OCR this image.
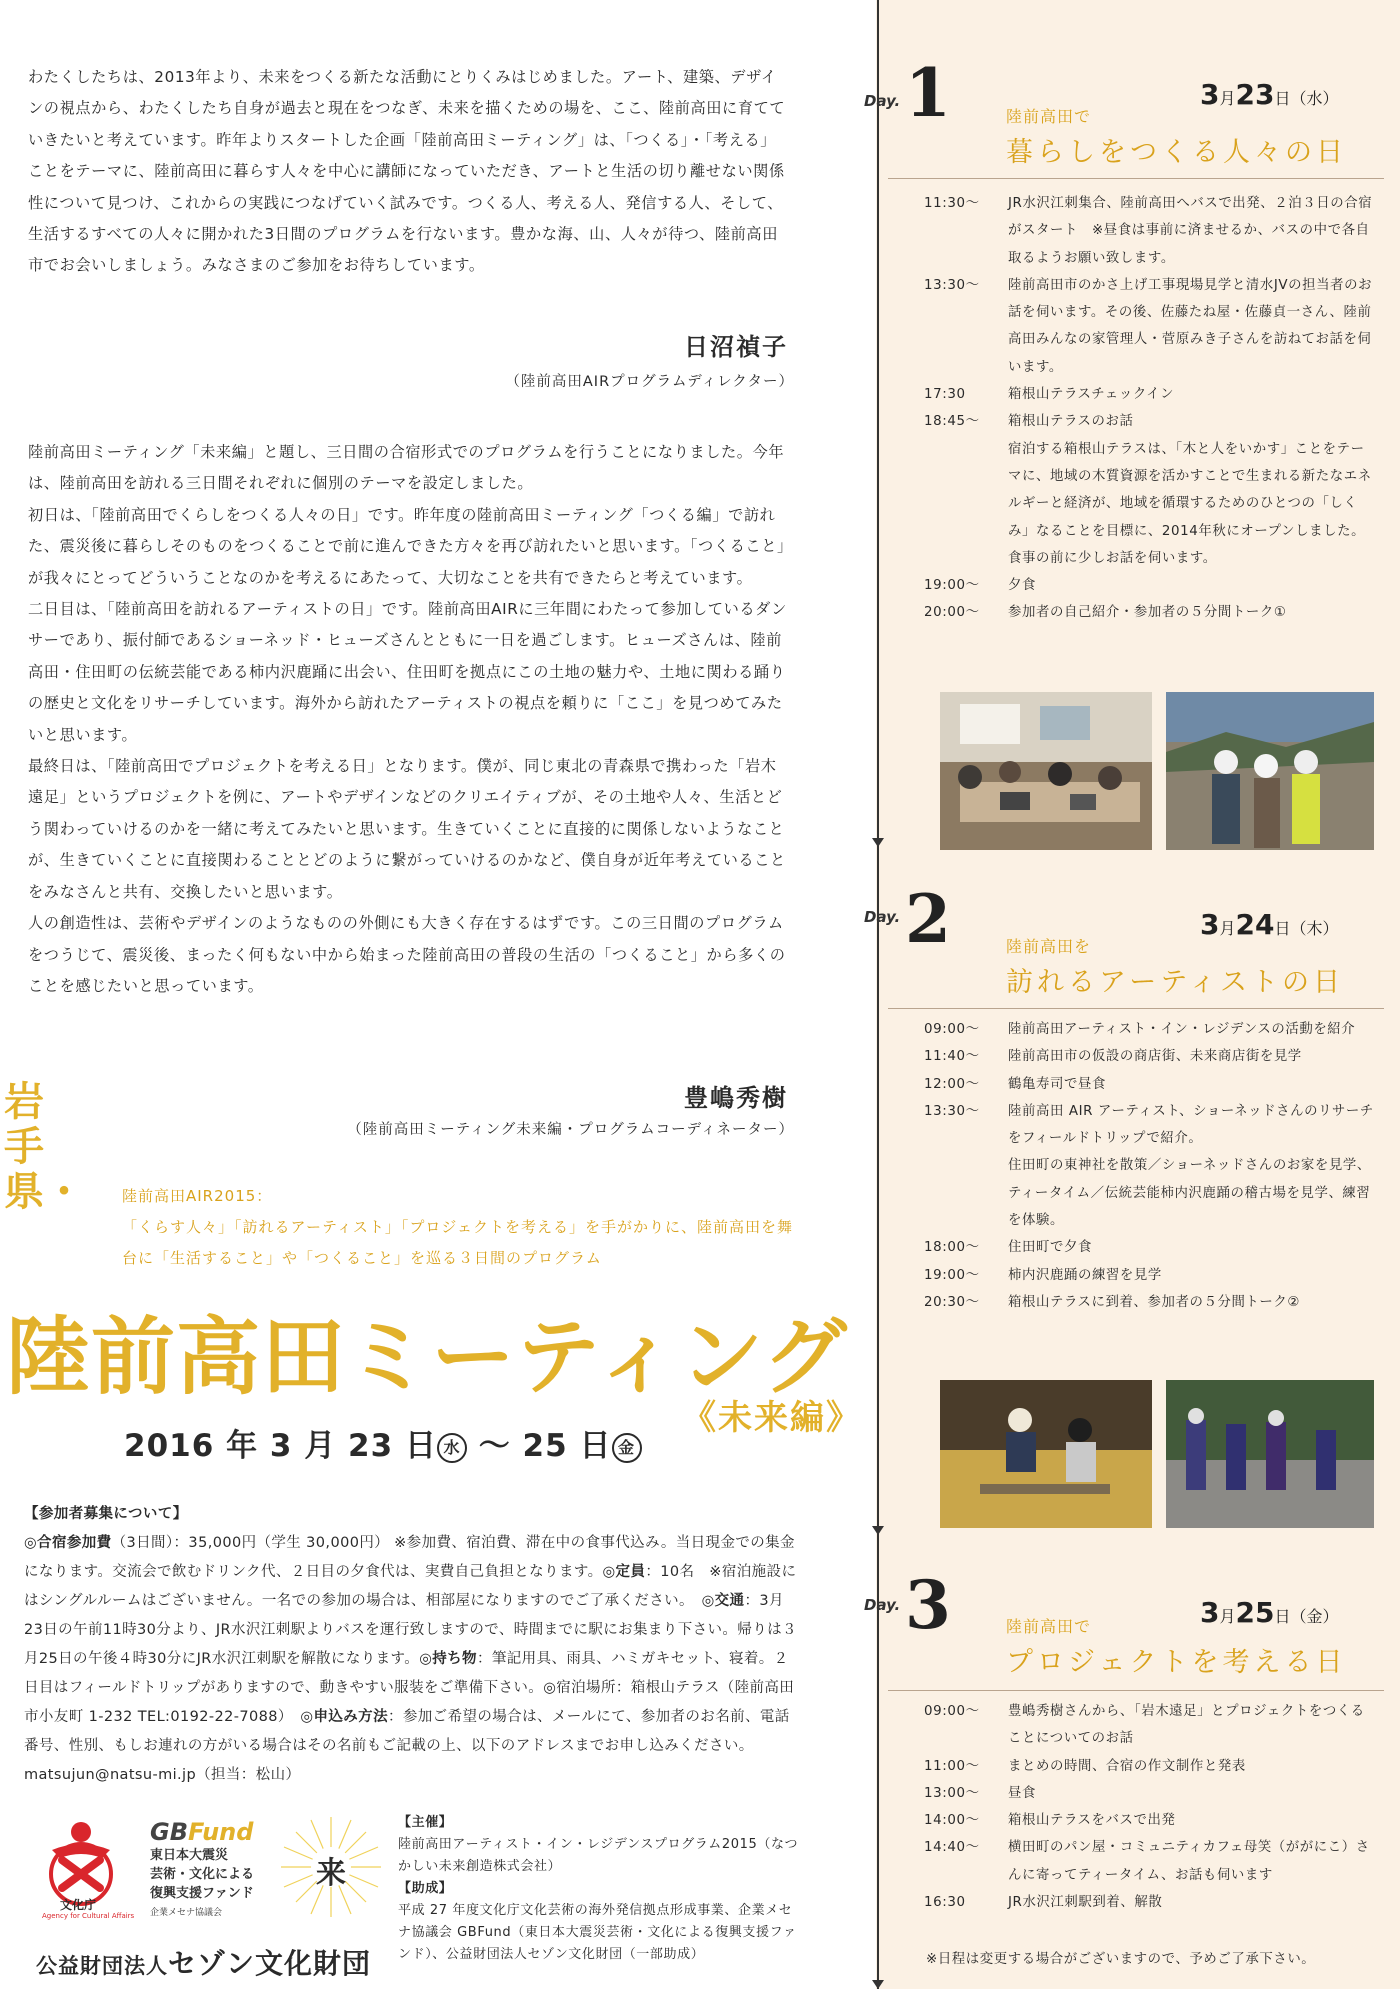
わたくしたちは、2013年より、未来をつくる新たな活動にとりくみはじめました。アート、建築、デザインの視点から、わたくしたち自身が過去と現在をつなぎ、未来を描くための場を、ここ、陸前高田に育てていきたいと考えています。昨年よりスタートした企画「陸前高田ミーティング」は、「つくる」・「考える」ことをテーマに、陸前高田に暮らす人々を中心に講師になっていただき、アートと生活の切り離せない関係性について見つけ、これからの実践につなげていく試みです。つくる人、考える人、発信する人、そして、生活するすべての人々に開かれた3日間のプログラムを行ないます。豊かな海、山、人々が待つ、陸前高田市でお会いしましょう。みなさまのご参加をお待ちしています。

日沼禎子
（陸前高田AIRプログラムディレクター）

陸前高田ミーティング「未来編」と題し、三日間の合宿形式でのプログラムを行うことになりました。今年は、陸前高田を訪れる三日間それぞれに個別のテーマを設定しました。
初日は、「陸前高田でくらしをつくる人々の日」です。昨年度の陸前高田ミーティング「つくる編」で訪れた、震災後に暮らしそのものをつくることで前に進んできた方々を再び訪れたいと思います。「つくること」が我々にとってどういうことなのかを考えるにあたって、大切なことを共有できたらと考えています。
二日目は、「陸前高田を訪れるアーティストの日」です。陸前高田AIRに三年間にわたって参加しているダンサーであり、振付師であるショーネッド・ヒューズさんとともに一日を過ごします。ヒューズさんは、陸前高田・住田町の伝統芸能である柿内沢鹿踊に出会い、住田町を拠点にこの土地の魅力や、土地に関わる踊りの歴史と文化をリサーチしています。海外から訪れたアーティストの視点を頼りに「ここ」を見つめてみたいと思います。
最終日は、「陸前高田でプロジェクトを考える日」となります。僕が、同じ東北の青森県で携わった「岩木遠足」というプロジェクトを例に、アートやデザインなどのクリエイティブが、その土地や人々、生活とどう関わっていけるのかを一緒に考えてみたいと思います。生きていくことに直接的に関係しないようなことが、生きていくことに直接関わることとどのように繋がっていけるのかなど、僕自身が近年考えていることをみなさんと共有、交換したいと思います。
人の創造性は、芸術やデザインのようなものの外側にも大きく存在するはずです。この三日間のプログラムをつうじて、震災後、まったく何もない中から始まった陸前高田の普段の生活の「つくること」から多くのことを感じたいと思っています。

豊嶋秀樹
（陸前高田ミーティング未来編・プログラムコーディネーター）
岩手県・	陸前高田AIR2015：
「くらす人々」「訪れるアーティスト」「プロジェクトを考える」を手がかりに、陸前高田を舞台に「生活すること」や「つくること」を巡る３日間のプログラム
陸前高田ミーティング
《未来編》
2016 年 3 月 23 日 水 〜 25 日 金
【参加者募集について】
◎合宿参加費（3日間）：35,000円（学生 30,000円） ※参加費、宿泊費、滞在中の食事代込み。当日現金での集金になります。交流会で飲むドリンク代、２日目の夕食代は、実費自己負担となります。◎定員：10名　※宿泊施設にはシングルルームはございません。一名での参加の場合は、相部屋になりますのでご了承ください。　 ◎交通：3月23日の午前11時30分より、JR水沢江刺駅よりバスを運行致しますので、時間までに駅にお集まり下さい。帰りは３月25日の午後４時30分にJR水沢江刺駅を解散になります。◎持ち物：筆記用具、雨具、ハミガキセット、寝着。２日目はフィールドトリップがありますので、動きやすい服装をご準備下さい。◎宿泊場所：箱根山テラス（陸前高田市小友町 1-232 TEL:0192-22-7088）　 ◎申込み方法：参加ご希望の場合は、メールにて、参加者のお名前、電話番号、性別、もしお連れの方がいる場合はその名前もご記載の上、以下のアドレスまでお申し込みください。　matsujun@natsu-mi.jp（担当：松山）
文化庁
Agency for Cultural Affairs
GBFund
東日本大震災
芸術・文化による
復興支援ファンド
企業メセナ協議会
来
公益財団法人セゾン文化財団
【主催】
陸前高田アーティスト・イン・レジデンスプログラム2015（なつかしい未来創造株式会社）
【助成】
平成 27 年度文化庁文化芸術の海外発信拠点形成事業、企業メセナ協議会 GBFund（東日本大震災芸術・文化による復興支援ファンド）、公益財団法人セゾン文化財団（一部助成）
Day. 1	3月23日（水）
陸前高田で
暮らしをつくる人々の日
11:30〜	JR水沢江刺集合、陸前高田へバスで出発、２泊３日の合宿がスタート　※昼食は事前に済ませるか、バスの中で各自取るようお願い致します。
13:30〜	陸前高田市のかさ上げ工事現場見学と清水JVの担当者のお話を伺います。その後、佐藤たね屋・佐藤貞一さん、陸前高田みんなの家管理人・菅原みき子さんを訪ねてお話を伺います。
17:30	箱根山テラスチェックイン
18:45〜	箱根山テラスのお話
宿泊する箱根山テラスは、「木と人をいかす」ことをテーマに、地域の木質資源を活かすことで生まれる新たなエネルギーと経済が、地域を循環するためのひとつの「しくみ」なることを目標に、2014年秋にオープンしました。食事の前に少しお話を伺います。
19:00〜	夕食
20:00〜	参加者の自己紹介・参加者の５分間トーク①
Day. 2	3月24日（木）
陸前高田を
訪れるアーティストの日
09:00〜	陸前高田アーティスト・イン・レジデンスの活動を紹介
11:40〜	陸前高田市の仮設の商店街、未来商店街を見学
12:00〜	鶴亀寿司で昼食
13:30〜	陸前高田 AIR アーティスト、ショーネッドさんのリサーチをフィールドトリップで紹介。
住田町の東神社を散策／ショーネッドさんのお家を見学、ティータイム／伝統芸能柿内沢鹿踊の稽古場を見学、練習を体験。
18:00〜	住田町で夕食
19:00〜	柿内沢鹿踊の練習を見学
20:30〜	箱根山テラスに到着、参加者の５分間トーク②
Day. 3	3月25日（金）
陸前高田で
プロジェクトを考える日
09:00〜	豊嶋秀樹さんから、「岩木遠足」とプロジェクトをつくることについてのお話
11:00〜	まとめの時間、合宿の作文制作と発表
13:00〜	昼食
14:00〜	箱根山テラスをバスで出発
14:40〜	横田町のパン屋・コミュニティカフェ母笑（ががにこ）さんに寄ってティータイム、お話も伺います
16:30	JR水沢江刺駅到着、解散
※日程は変更する場合がございますので、予めご了承下さい。
